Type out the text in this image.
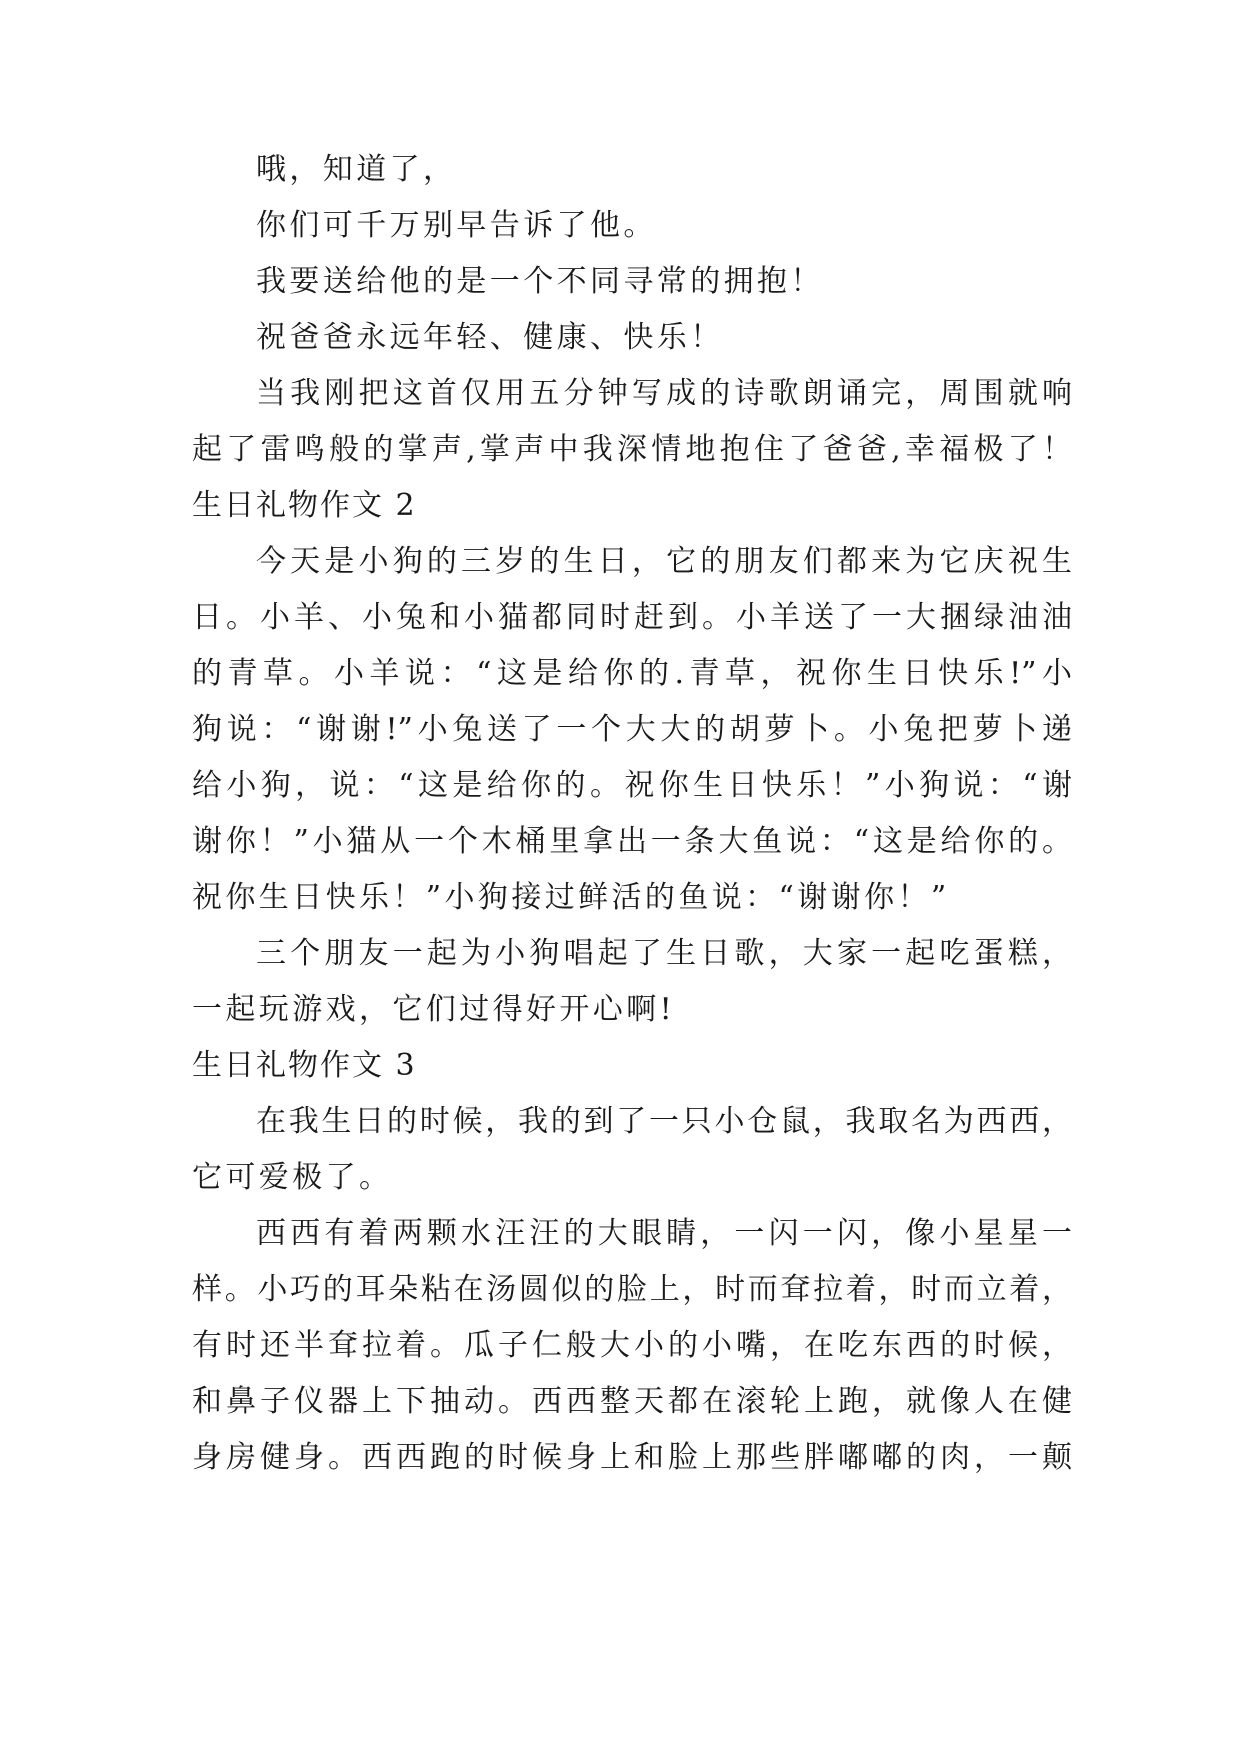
哦，知道了，
你们可千万别早告诉了他。
我要送给他的是一个不同寻常的拥抱！
祝爸爸永远年轻、健康、快乐！
当我刚把这首仅用五分钟写成的诗歌朗诵完，周围就响
起了雷鸣般的掌声,掌声中我深情地抱住了爸爸,幸福极了！
生日礼物作文 2
今天是小狗的三岁的生日，它的朋友们都来为它庆祝生
日。小羊、小兔和小猫都同时赶到。小羊送了一大捆绿油油
的青草。小羊说：“这是给你的.青草，祝你生日快乐!”小
狗说：“谢谢!”小兔送了一个大大的胡萝卜。小兔把萝卜递
给小狗，说：“这是给你的。祝你生日快乐！”小狗说：“谢
谢你！”小猫从一个木桶里拿出一条大鱼说：“这是给你的。
祝你生日快乐！”小狗接过鲜活的鱼说：“谢谢你！”
三个朋友一起为小狗唱起了生日歌，大家一起吃蛋糕，
一起玩游戏，它们过得好开心啊!
生日礼物作文 3
在我生日的时候，我的到了一只小仓鼠，我取名为西西，
它可爱极了。
西西有着两颗水汪汪的大眼睛，一闪一闪，像小星星一
样。小巧的耳朵粘在汤圆似的脸上，时而耷拉着，时而立着，
有时还半耷拉着。瓜子仁般大小的小嘴，在吃东西的时候，
和鼻子仪器上下抽动。西西整天都在滚轮上跑，就像人在健
身房健身。西西跑的时候身上和脸上那些胖嘟嘟的肉，一颠
